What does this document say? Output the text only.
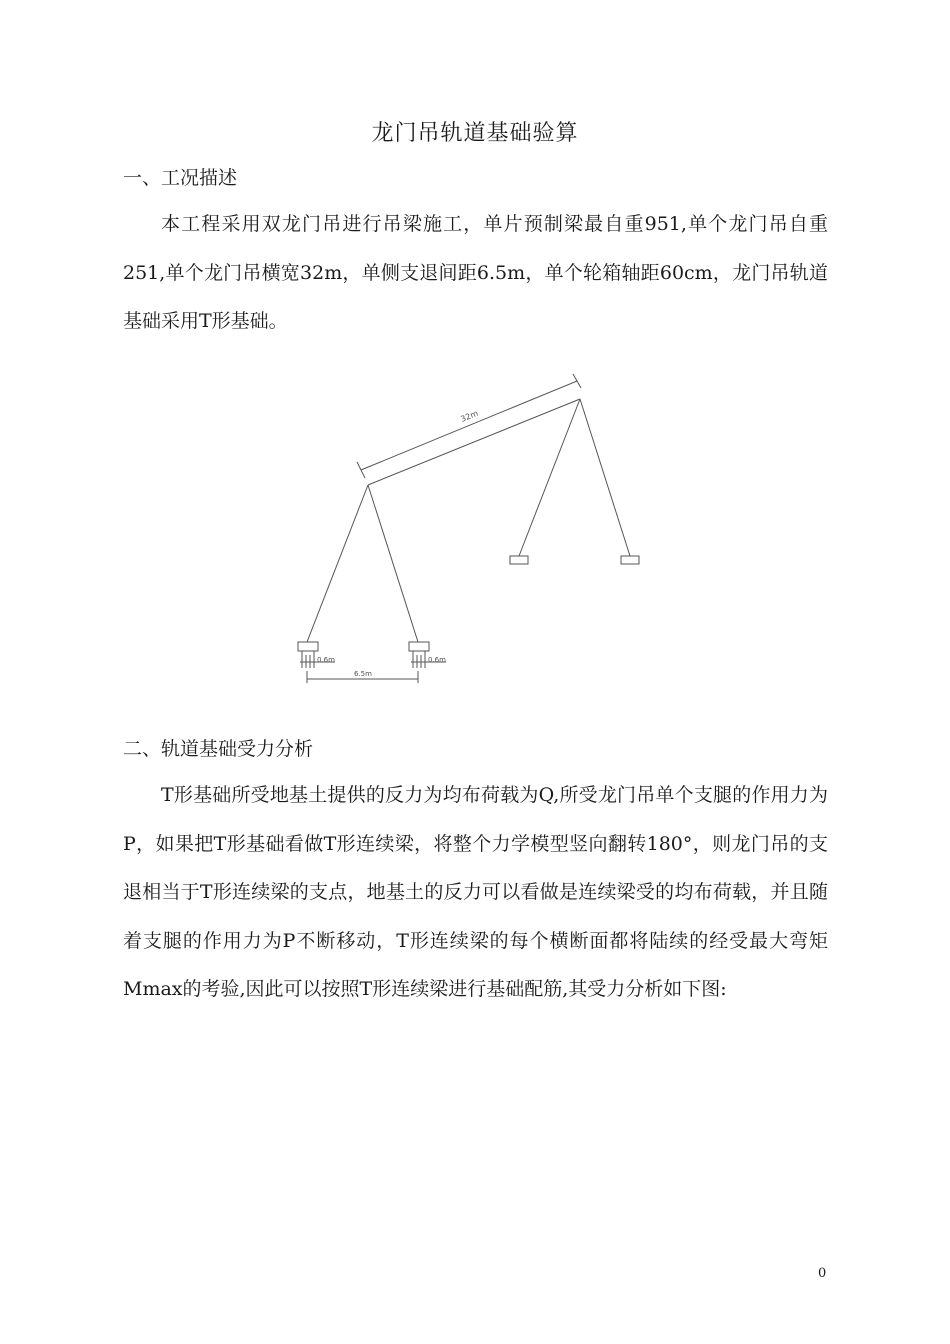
龙门吊轨道基础验算
一、工况描述

本工程采用双龙门吊进行吊梁施工，单片预制梁最自重951,单个龙门吊自重251,单个龙门吊横宽32m，单侧支退间距6.5m，单个轮箱轴距60cm，龙门吊轨道基础采用T形基础。

32m
0.6m	0.6m
6.5m
二、轨道基础受力分析

T形基础所受地基土提供的反力为均布荷载为Q,所受龙门吊单个支腿的作用力为P，如果把T形基础看做T形连续梁，将整个力学模型竖向翻转180°，则龙门吊的支退相当于T形连续梁的支点，地基土的反力可以看做是连续梁受的均布荷载，并且随着支腿的作用力为P不断移动，T形连续梁的每个横断面都将陆续的经受最大弯矩Mmax的考验,因此可以按照T形连续梁进行基础配筋,其受力分析如下图:

0
